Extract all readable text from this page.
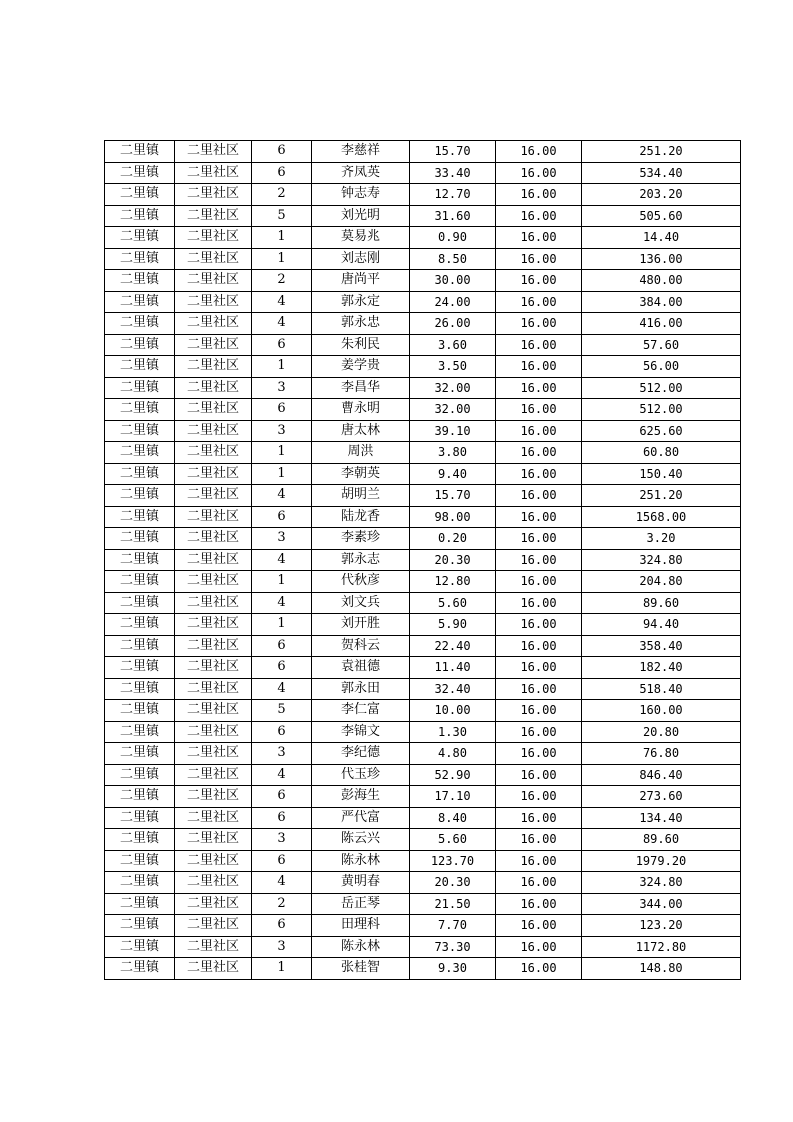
二里镇	二里社区	6	李慈祥	15.70	16.00	251.20
二里镇	二里社区	6	齐凤英	33.40	16.00	534.40
二里镇	二里社区	2	钟志寿	12.70	16.00	203.20
二里镇	二里社区	5	刘光明	31.60	16.00	505.60
二里镇	二里社区	1	莫易兆	0.90	16.00	14.40
二里镇	二里社区	1	刘志刚	8.50	16.00	136.00
二里镇	二里社区	2	唐尚平	30.00	16.00	480.00
二里镇	二里社区	4	郭永定	24.00	16.00	384.00
二里镇	二里社区	4	郭永忠	26.00	16.00	416.00
二里镇	二里社区	6	朱利民	3.60	16.00	57.60
二里镇	二里社区	1	姜学贵	3.50	16.00	56.00
二里镇	二里社区	3	李昌华	32.00	16.00	512.00
二里镇	二里社区	6	曹永明	32.00	16.00	512.00
二里镇	二里社区	3	唐太林	39.10	16.00	625.60
二里镇	二里社区	1	周洪	3.80	16.00	60.80
二里镇	二里社区	1	李朝英	9.40	16.00	150.40
二里镇	二里社区	4	胡明兰	15.70	16.00	251.20
二里镇	二里社区	6	陆龙香	98.00	16.00	1568.00
二里镇	二里社区	3	李素珍	0.20	16.00	3.20
二里镇	二里社区	4	郭永志	20.30	16.00	324.80
二里镇	二里社区	1	代秋彦	12.80	16.00	204.80
二里镇	二里社区	4	刘文兵	5.60	16.00	89.60
二里镇	二里社区	1	刘开胜	5.90	16.00	94.40
二里镇	二里社区	6	贺科云	22.40	16.00	358.40
二里镇	二里社区	6	袁祖德	11.40	16.00	182.40
二里镇	二里社区	4	郭永田	32.40	16.00	518.40
二里镇	二里社区	5	李仁富	10.00	16.00	160.00
二里镇	二里社区	6	李锦文	1.30	16.00	20.80
二里镇	二里社区	3	李纪德	4.80	16.00	76.80
二里镇	二里社区	4	代玉珍	52.90	16.00	846.40
二里镇	二里社区	6	彭海生	17.10	16.00	273.60
二里镇	二里社区	6	严代富	8.40	16.00	134.40
二里镇	二里社区	3	陈云兴	5.60	16.00	89.60
二里镇	二里社区	6	陈永林	123.70	16.00	1979.20
二里镇	二里社区	4	黄明春	20.30	16.00	324.80
二里镇	二里社区	2	岳正琴	21.50	16.00	344.00
二里镇	二里社区	6	田理科	7.70	16.00	123.20
二里镇	二里社区	3	陈永林	73.30	16.00	1172.80
二里镇	二里社区	1	张桂智	9.30	16.00	148.80
